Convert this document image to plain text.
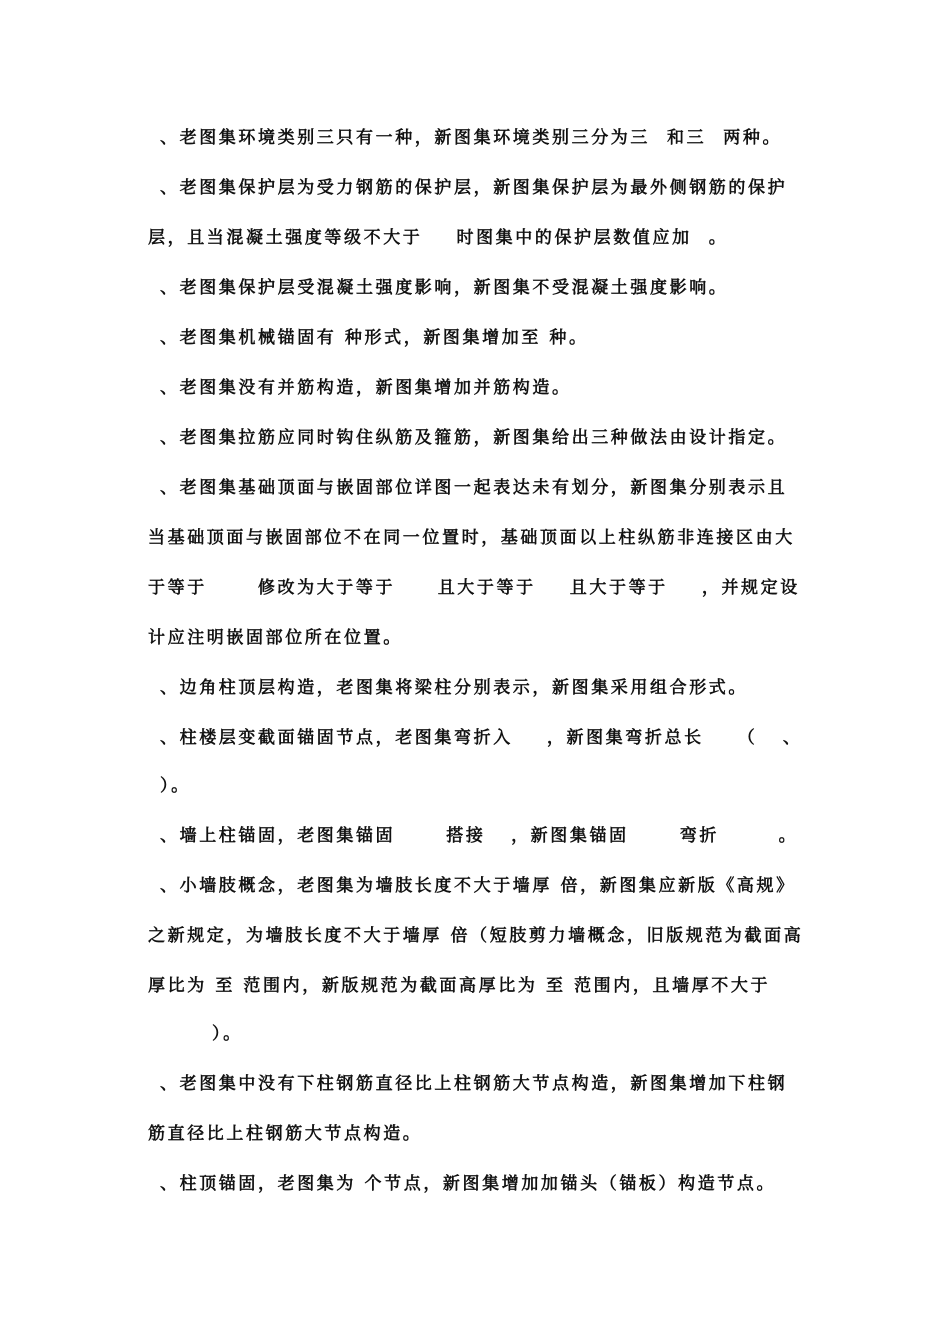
、老图集环境类别三只有一种，新图集环境类别三分为三  和三  两种。
、老图集保护层为受力钢筋的保护层，新图集保护层为最外侧钢筋的保护
层，且当混凝土强度等级不大于    时图集中的保护层数值应加  。
、老图集保护层受混凝土强度影响，新图集不受混凝土强度影响。
、老图集机械锚固有 种形式，新图集增加至 种。
、老图集没有并筋构造，新图集增加并筋构造。
、老图集拉筋应同时钩住纵筋及箍筋，新图集给出三种做法由设计指定。
、老图集基础顶面与嵌固部位详图一起表达未有划分，新图集分别表示且
当基础顶面与嵌固部位不在同一位置时，基础顶面以上柱纵筋非连接区由大
于等于      修改为大于等于     且大于等于    且大于等于    ，并规定设
计应注明嵌固部位所在位置。
、边角柱顶层构造，老图集将梁柱分别表示，新图集采用组合形式。
、柱楼层变截面锚固节点，老图集弯折入    ，新图集弯折总长    （   、
）。
、墙上柱锚固，老图集锚固      搭接   ，新图集锚固      弯折       。
、小墙肢概念，老图集为墙肢长度不大于墙厚 倍，新图集应新版《高规》
之新规定，为墙肢长度不大于墙厚 倍（短肢剪力墙概念，旧版规范为截面高
厚比为 至 范围内，新版规范为截面高厚比为 至 范围内，且墙厚不大于
）。
、老图集中没有下柱钢筋直径比上柱钢筋大节点构造，新图集增加下柱钢
筋直径比上柱钢筋大节点构造。
、柱顶锚固，老图集为 个节点，新图集增加加锚头（锚板）构造节点。
